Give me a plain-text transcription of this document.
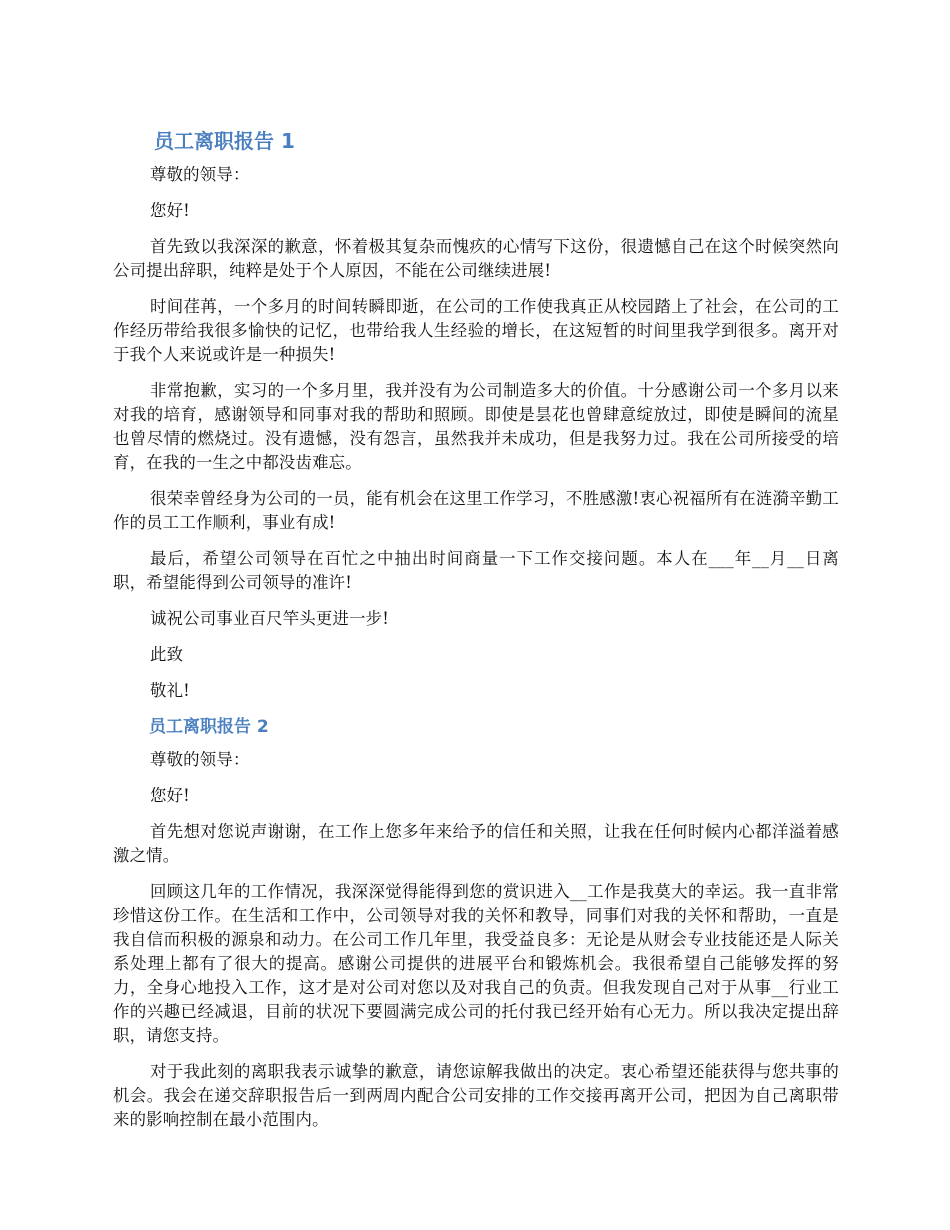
员工离职报告 1

尊敬的领导：

您好!

首先致以我深深的歉意，怀着极其复杂而愧疚的心情写下这份，很遗憾自己在这个时候突然向公司提出辞职，纯粹是处于个人原因，不能在公司继续进展!

时间荏苒，一个多月的时间转瞬即逝，在公司的工作使我真正从校园踏上了社会，在公司的工作经历带给我很多愉快的记忆，也带给我人生经验的增长，在这短暂的时间里我学到很多。离开对于我个人来说或许是一种损失!

非常抱歉，实习的一个多月里，我并没有为公司制造多大的价值。十分感谢公司一个多月以来对我的培育，感谢领导和同事对我的帮助和照顾。即使是昙花也曾肆意绽放过，即使是瞬间的流星也曾尽情的燃烧过。没有遗憾，没有怨言，虽然我并未成功，但是我努力过。我在公司所接受的培育，在我的一生之中都没齿难忘。

很荣幸曾经身为公司的一员，能有机会在这里工作学习，不胜感激!衷心祝福所有在涟漪辛勤工作的员工工作顺利，事业有成!

最后，希望公司领导在百忙之中抽出时间商量一下工作交接问题。本人在___年__月__日离职，希望能得到公司领导的准许!

诚祝公司事业百尺竿头更进一步!

此致

敬礼!

员工离职报告 2

尊敬的领导：

您好!

首先想对您说声谢谢，在工作上您多年来给予的信任和关照，让我在任何时候内心都洋溢着感激之情。

回顾这几年的工作情况，我深深觉得能得到您的赏识进入__工作是我莫大的幸运。我一直非常珍惜这份工作。在生活和工作中，公司领导对我的关怀和教导，同事们对我的关怀和帮助，一直是我自信而积极的源泉和动力。在公司工作几年里，我受益良多：无论是从财会专业技能还是人际关系处理上都有了很大的提高。感谢公司提供的进展平台和锻炼机会。我很希望自己能够发挥的努力，全身心地投入工作，这才是对公司对您以及对我自己的负责。但我发现自己对于从事__行业工作的兴趣已经减退，目前的状况下要圆满完成公司的托付我已经开始有心无力。所以我决定提出辞职，请您支持。

对于我此刻的离职我表示诚挚的歉意，请您谅解我做出的决定。衷心希望还能获得与您共事的机会。我会在递交辞职报告后一到两周内配合公司安排的工作交接再离开公司，把因为自己离职带来的影响控制在最小范围内。
